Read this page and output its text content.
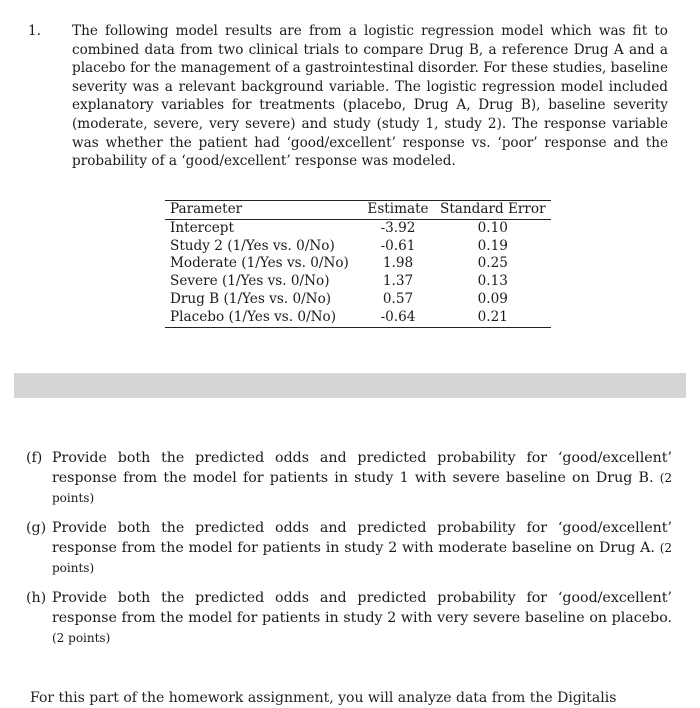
1. The following model results are from a logistic regression model which was fit to combined data from two clinical trials to compare Drug B, a reference Drug A and a placebo for the management of a gastrointestinal disorder. For these studies, baseline severity was a relevant background variable. The logistic regression model included explanatory variables for treatments (placebo, Drug A, Drug B), baseline severity (moderate, severe, very severe) and study (study 1, study 2). The response variable was whether the patient had ‘good/excellent’ response vs. ‘poor’ response and the probability of a ‘good/excellent’ response was modeled.
Parameter	Estimate	Standard Error
Intercept	-3.92	0.10
Study 2 (1/Yes vs. 0/No)	-0.61	0.19
Moderate (1/Yes vs. 0/No)	1.98	0.25
Severe (1/Yes vs. 0/No)	1.37	0.13
Drug B (1/Yes vs. 0/No)	0.57	0.09
Placebo (1/Yes vs. 0/No)	-0.64	0.21
(f) Provide both the predicted odds and predicted probability for ‘good/excellent’ response from the model for patients in study 1 with severe baseline on Drug B. (2 points)
(g) Provide both the predicted odds and predicted probability for ‘good/excellent’ response from the model for patients in study 2 with moderate baseline on Drug A. (2 points)
(h) Provide both the predicted odds and predicted probability for ‘good/excellent’ response from the model for patients in study 2 with very severe baseline on placebo. (2 points)
For this part of the homework assignment, you will analyze data from the Digitalis
